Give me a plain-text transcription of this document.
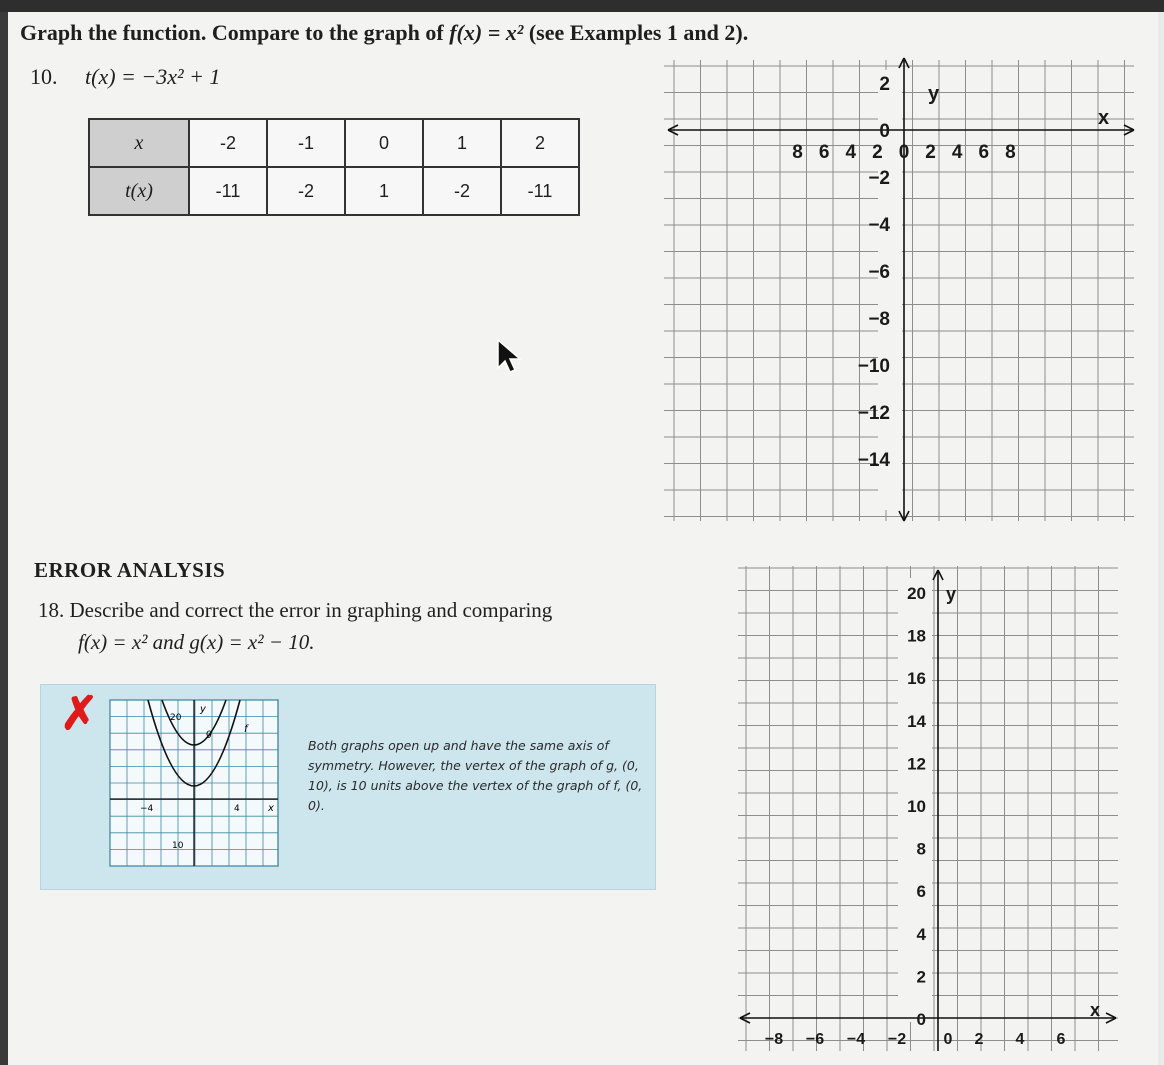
Graph the function. Compare to the graph of f(x) = x² (see Examples 1 and 2).
10. t(x) = −3x² + 1
x	-2	-1	0	1	2
t(x)	-11	-2	1	-2	-11
8 6 4 2 0 2 4 6 8
2
0
−2
−4
−6
−8
−10
−12
−14
y
x
ERROR ANALYSIS
18. Describe and correct the error in graphing and comparing
f(x) = x² and g(x) = x² − 10.
✗	20
10
−4	4
y
x
g	f
Both graphs open up and have the same axis of symmetry. However, the vertex of the graph of g, (0, 10), is 10 units above the vertex of the graph of f, (0, 0).
20
18
16
14
12
10
8
6
4
2
0
−8 −6 −4 −2 0 2 4 6
y
x
